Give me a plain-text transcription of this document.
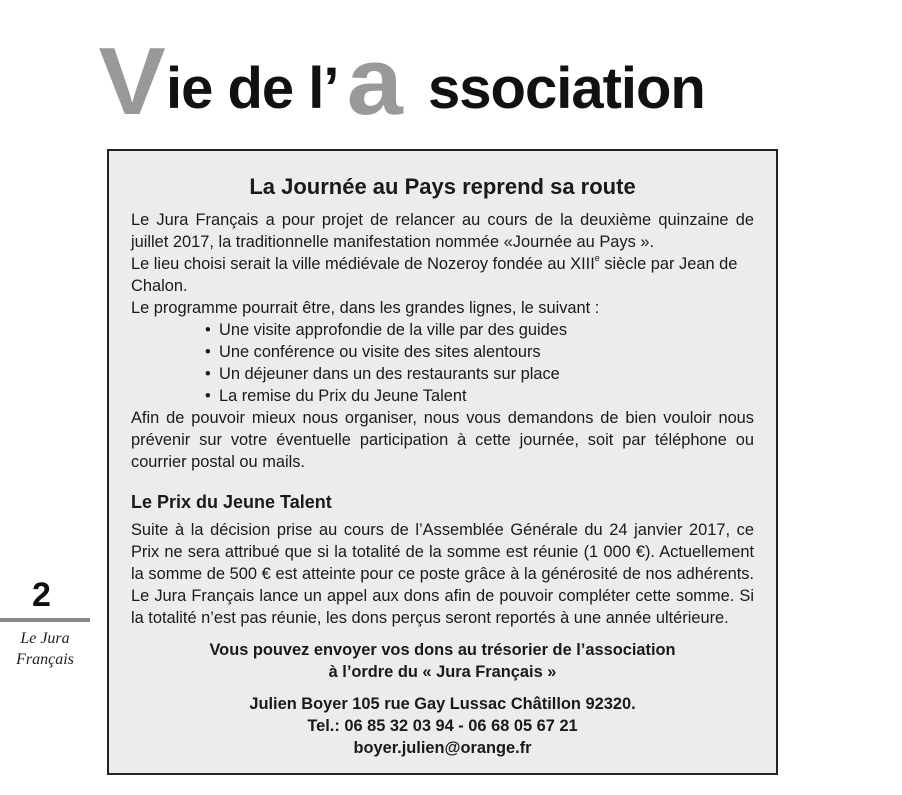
V ie de l’ a ssociation
2
Le Jura
Français
La Journée au Pays reprend sa route

Le Jura Français a pour projet de relancer au cours de la deuxième quinzaine de juillet 2017, la traditionnelle manifestation nommée «Journée au Pays ».

Le lieu choisi serait la ville médiévale de Nozeroy fondée au XIIIe siècle par Jean de Chalon.

Le programme pourrait être, dans les grandes lignes, le suivant :

• Une visite approfondie de la ville par des guides
• Une conférence ou visite des sites alentours
• Un déjeuner dans un des restaurants sur place
• La remise du Prix du Jeune Talent

Afin de pouvoir mieux nous organiser, nous vous demandons de bien vouloir nous prévenir sur votre éventuelle participation à cette journée, soit par téléphone ou courrier postal ou mails.

Le Prix du Jeune Talent

Suite à la décision prise au cours de l’Assemblée Générale du 24 janvier 2017, ce Prix ne sera attribué que si la totalité de la somme est réunie (1 000 €). Actuellement la somme de 500 € est atteinte pour ce poste grâce à la générosité de nos adhérents. Le Jura Français lance un appel aux dons afin de pouvoir compléter cette somme. Si la totalité n’est pas réunie, les dons perçus seront reportés à une année ultérieure.

Vous pouvez envoyer vos dons au trésorier de l’association

à l’ordre du « Jura Français »

Julien Boyer 105 rue Gay Lussac Châtillon 92320.

Tel.: 06 85 32 03 94 - 06 68 05 67 21

boyer.julien@orange.fr
